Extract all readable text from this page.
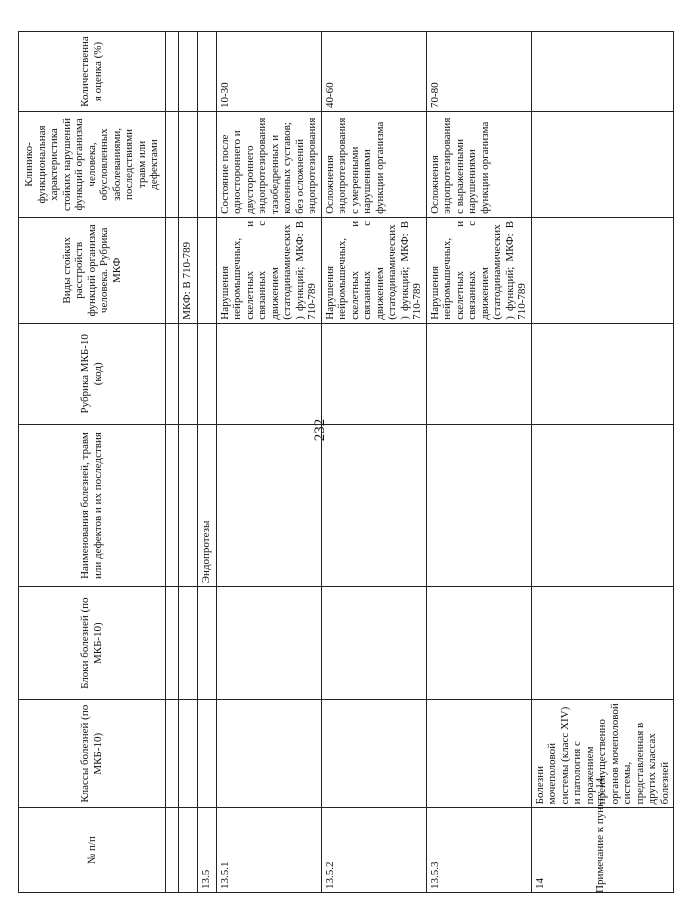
232
№ п/п	Классы болезней (по МКБ-10)	Блоки болезней (по МКБ-10)	Наименования болезней, травм или дефектов и их последствия	Рубрика МКБ-10 (код)	Виды стойких расстройств функций организма человека. Рубрика МКФ	Клинико-функциональная характеристика стойких нарушений функций организма человека, обусловленных заболеваниями, последствиями травм или дефектами	Количественная оценка (%)

					МКФ: В 710-789		
13.5			Эндопротезы				
13.5.1					Нарушения нейромышечных, скелетных и связанных с движением (статодинамических) функций; МКФ: В 710-789	Состояние после одностороннего и двустороннего эндопротезирования тазобедренных и коленных суставов; без осложнений эндопротезирования	10-30
13.5.2					Нарушения нейромышечных, скелетных и связанных с движением (статодинамических) функций; МКФ: В 710-789	Осложнения эндопротезирования с умеренными нарушениями функции организма	40-60
13.5.3					Нарушения нейромышечных, скелетных и связанных с движением (статодинамических) функций; МКФ: В 710-789	Осложнения эндопротезирования с выраженными нарушениями функции организма	70-80
14	Болезни мочеполовой системы (класс XIV) и патология с поражением преимущественно органов мочеполовой системы, представленная в других классах болезней						
Примечание к пункту 14.
